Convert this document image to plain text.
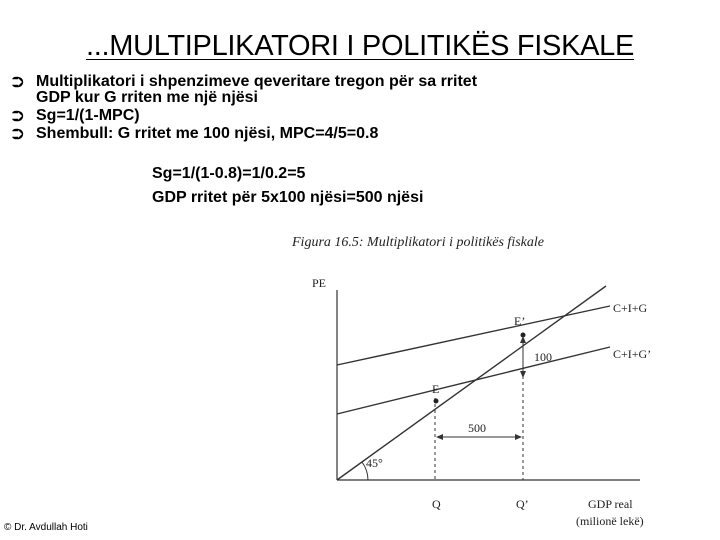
...MULTIPLIKATORI I POLITIKËS FISKALE
⮊ Multiplikatori i shpenzimeve qeveritare tregon për sa rritet
GDP kur G rriten me një njësi
⮊ Sg=1/(1-MPC)
⮊ Shembull: G rritet me 100 njësi, MPC=4/5=0.8
Sg=1/(1-0.8)=1/0.2=5
GDP rritet për 5x100 njësi=500 njësi
Figura 16.5: Multiplikatori i politikës fiskale
PE
C+I+G
C+I+G’
E’
E
100
500
45°
Q	Q’	GDP real
(milionë lekë)
© Dr. Avdullah Hoti
